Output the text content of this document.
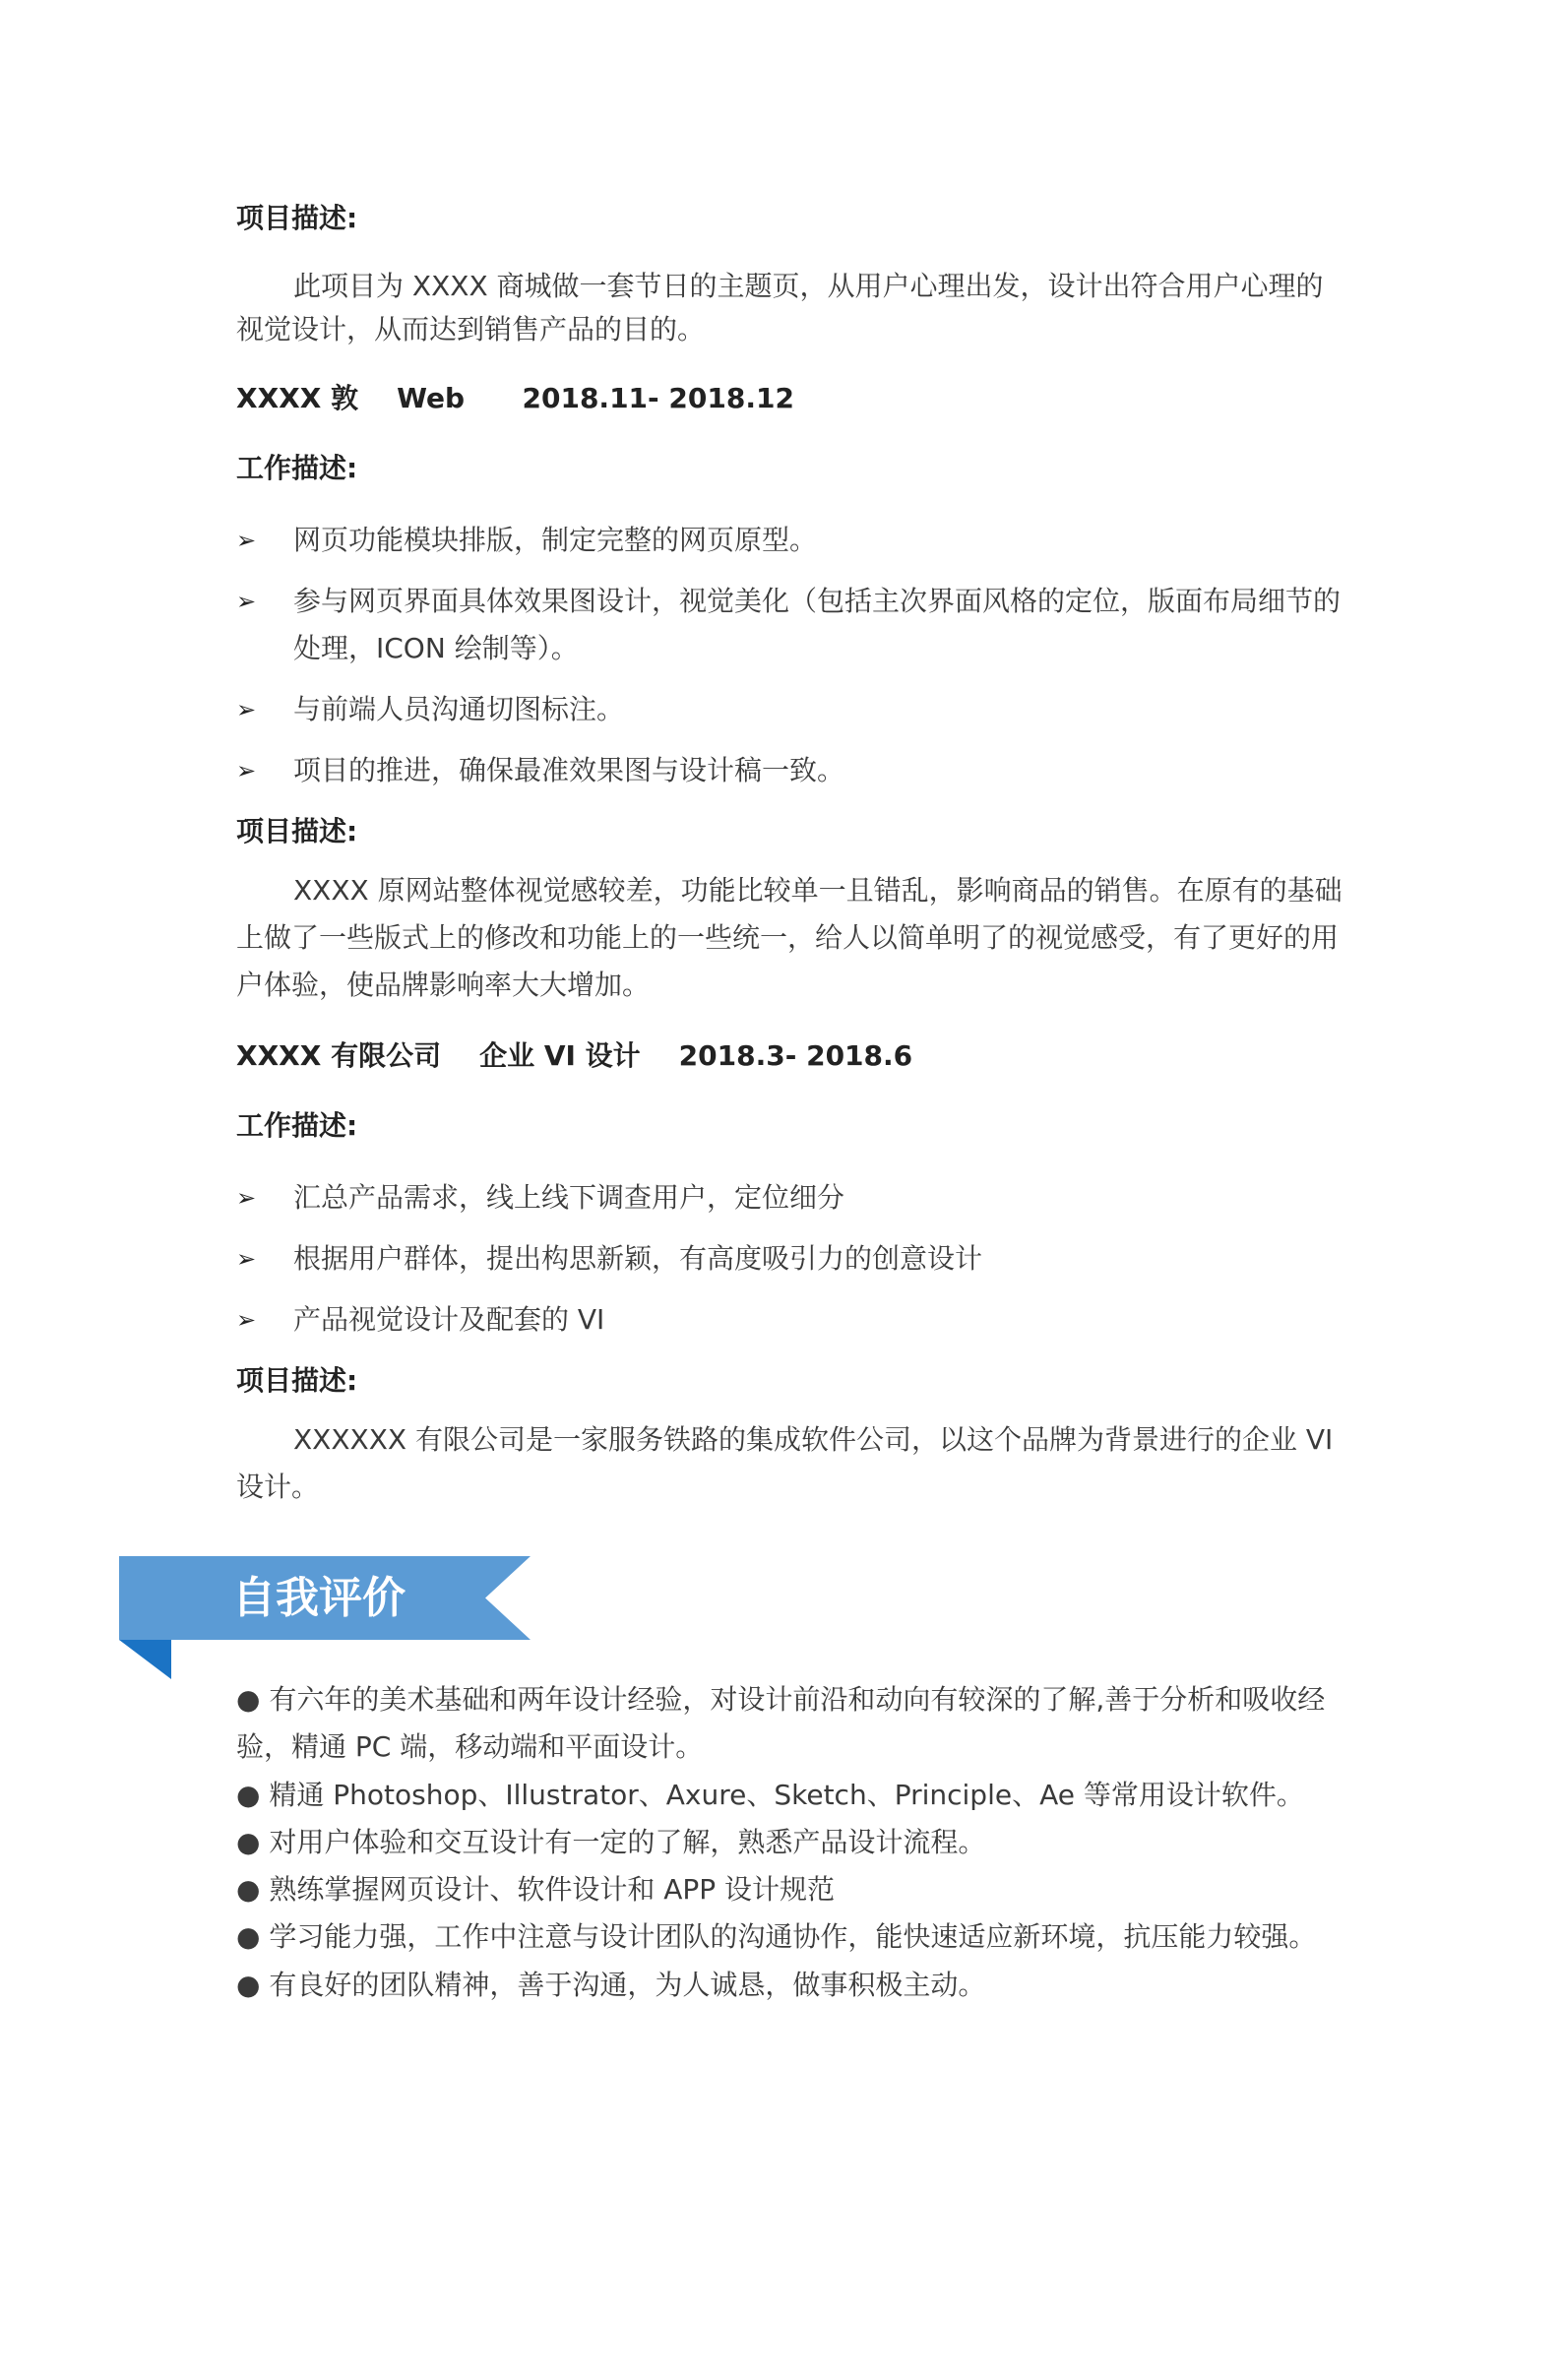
项目描述:
此项目为 XXXX 商城做一套节日的主题页，从用户心理出发，设计出符合用户心理的
视觉设计，从而达到销售产品的目的。
XXXX 敦    Web      2018.11- 2018.12
工作描述:
➢ 网页功能模块排版，制定完整的网页原型。
➢ 参与网页界面具体效果图设计，视觉美化（包括主次界面风格的定位，版面布局细节的
处理，ICON 绘制等）。
➢ 与前端人员沟通切图标注。
➢ 项目的推进，确保最准效果图与设计稿一致。
项目描述:
XXXX 原网站整体视觉感较差，功能比较单一且错乱，影响商品的销售。在原有的基础
上做了一些版式上的修改和功能上的一些统一，给人以简单明了的视觉感受，有了更好的用
户体验，使品牌影响率大大增加。
XXXX 有限公司    企业 VI 设计    2018.3- 2018.6
工作描述:
➢ 汇总产品需求，线上线下调查用户，定位细分
➢ 根据用户群体，提出构思新颖，有高度吸引力的创意设计
➢ 产品视觉设计及配套的 VI
项目描述:
XXXXXX 有限公司是一家服务铁路的集成软件公司，以这个品牌为背景进行的企业 VI
设计。
自我评价
● 有六年的美术基础和两年设计经验，对设计前沿和动向有较深的了解,善于分析和吸收经
验，精通 PC 端，移动端和平面设计。
● 精通 Photoshop、Illustrator、Axure、Sketch、Principle、Ae 等常用设计软件。
● 对用户体验和交互设计有一定的了解，熟悉产品设计流程。
● 熟练掌握网页设计、软件设计和 APP 设计规范
● 学习能力强，工作中注意与设计团队的沟通协作，能快速适应新环境，抗压能力较强。
● 有良好的团队精神，善于沟通，为人诚恳，做事积极主动。
